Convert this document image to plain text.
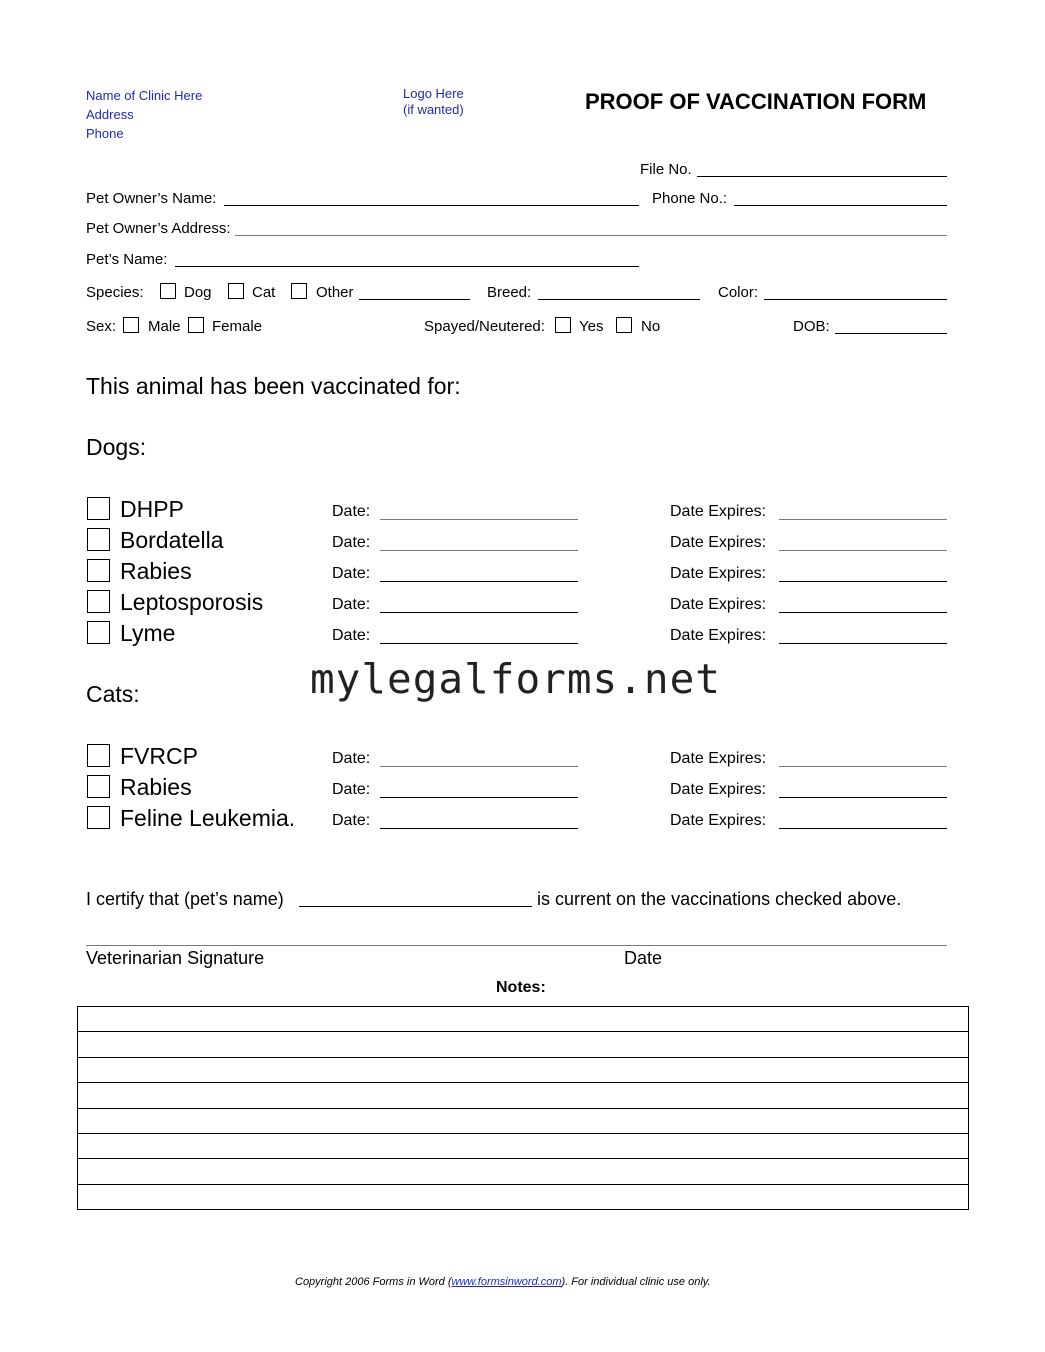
Name of Clinic Here
Address
Phone
Logo Here
(if wanted)	PROOF OF VACCINATION FORM
File No.
Pet Owner’s Name:	Phone No.:
Pet Owner’s Address:
Pet’s Name:
Species:	Dog	Cat	Other	Breed:	Color:
Sex: Male Female	Spayed/Neutered: Yes	No	DOB:
This animal has been vaccinated for:
Dogs:
DHPP	Date:	Date Expires:
Bordatella	Date:	Date Expires:
Rabies	Date:	Date Expires:
Leptosporosis	Date:	Date Expires:
Lyme	Date:	Date Expires:
mylegalforms.net
Cats:
FVRCP	Date:	Date Expires:
Rabies	Date:	Date Expires:
Feline Leukemia. Date:	Date Expires:
I certify that (pet’s name)	is current on the vaccinations checked above.
Veterinarian Signature	Date
Notes:
Copyright 2006 Forms in Word (www.formsinword.com). For individual clinic use only.
